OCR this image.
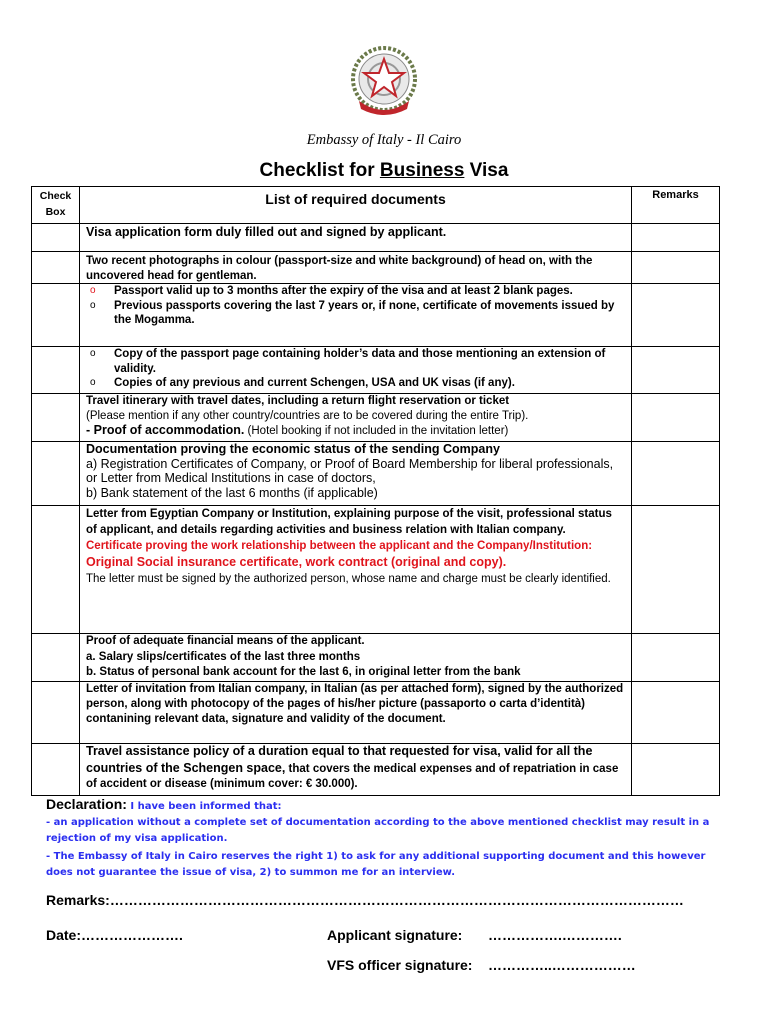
Embassy of Italy - Il Cairo
Checklist for Business Visa
Check Box	List of required documents	Remarks

	Visa application form duly filled out and signed by applicant.	

	Two recent photographs in colour (passport-size and white background) of head on, with the uncovered head for gentleman.	

	o Passport valid up to 3 months after the expiry of the visa and at least 2 blank pages.
o Previous passports covering the last 7 years or, if none, certificate of movements issued by the Mogamma.	

	o Copy of the passport page containing holder’s data and those mentioning an extension of validity.
o Copies of any previous and current Schengen, USA and UK visas (if any).	

	Travel itinerary with travel dates, including a return flight reservation or ticket
(Please mention if any other country/countries are to be covered during the entire Trip).
- Proof of accommodation. (Hotel booking if not included in the invitation letter)	

	Documentation proving the economic status of the sending Company
a) Registration Certificates of Company, or Proof of Board Membership for liberal professionals, or Letter from Medical Institutions in case of doctors,
b) Bank statement of the last 6 months (if applicable)	

	Letter from Egyptian Company or Institution, explaining purpose of the visit, professional status of applicant, and details regarding activities and business relation with Italian company.
Certificate proving the work relationship between the applicant and the Company/Institution: Original Social insurance certificate, work contract (original and copy).
The letter must be signed by the authorized person, whose name and charge must be clearly identified.	

	Proof of adequate financial means of the applicant.
a. Salary slips/certificates of the last three months
b. Status of personal bank account for the last 6, in original letter from the bank	

	Letter of invitation from Italian company, in Italian (as per attached form), signed by the authorized person, along with photocopy of the pages of his/her picture (passaporto o carta d’identità) contanining relevant data, signature and validity of the document.	

	Travel assistance policy of a duration equal to that requested for visa, valid for all the countries of the Schengen space, that covers the medical expenses and of repatriation in case of accident or disease (minimum cover: € 30.000).	

Declaration: I have been informed that:
- an application without a complete set of documentation according to the above mentioned checklist may result in a rejection of my visa application.
- The Embassy of Italy in Cairo reserves the right 1) to ask for any additional supporting document and this however does not guarantee the issue of visa, 2) to summon me for an interview.
Remarks:……………………………………………………………………………………………………………
Date:………………….	Applicant signature: …………….………….
VFS officer signature: …………..………………
